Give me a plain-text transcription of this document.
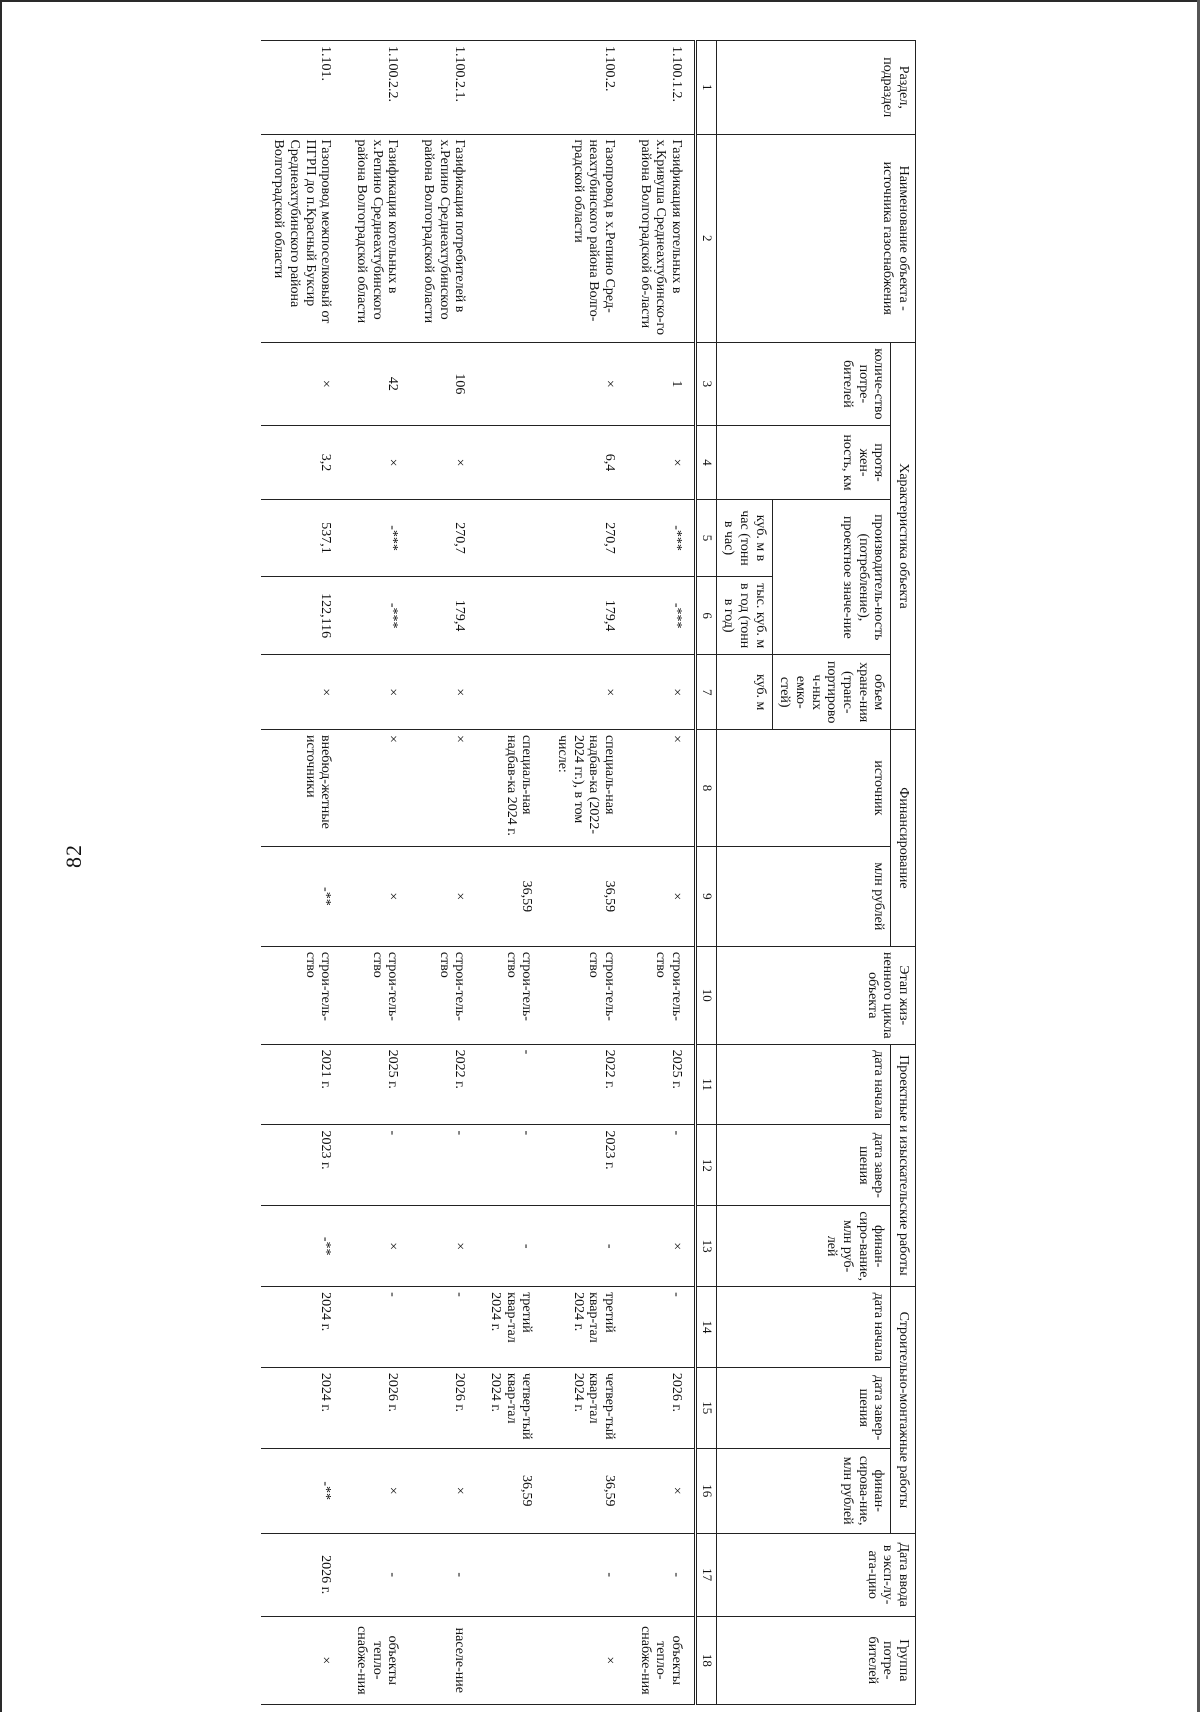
82
Раздел, подраздел	Наименование объекта - источника газоснабжения	Характеристика объекта					Финансирование		Этап жиз-ненного цикла объекта	Проектные и изыскательские работы			Строительно-монтажные работы			Дата ввода в эксп-лу-ата-цию	Группа потре-бителей
		количе-ство потре-бителей	протя-жен-ность, км	производитель-ность (потребление), проектное значе-ние		объем хране-ния (транс-портировоч-ных емко-стей)	источник	млн рублей		дата начала	дата завер-шения	финан-сиро-вание, млн руб-лей	дата начала	дата завер-шения	финан-сирова-ние, млн рублей		
				куб. м в час (тонн в час)	тыс. куб. м в год (тонн в год)	куб. м											
1	2	3	4	5	6	7	8	9	10	11	12	13	14	15	16	17	18
1.100.1.2.	Газификация котельных в х.Кривуша Среднеахтубинско-го района Волгоградской об-ласти	1	×	-***	-***	×	×	×	строи-тель-ство	2025 г.	-	×	-	2026 г.	×	-	объекты тепло-снабже-ния
1.100.2.	Газопровод в х.Репино Сред-неахтубинского района Волго-градской области	×	6,4	270,7	179,4	×	специаль-ная надбав-ка (2022-2024 гг.), в том числе:	36,59	строи-тель-ство	2022 г.	2023 г.	-	третий квар-тал 2024 г.	четвер-тый квар-тал 2024 г.	36,59	-	×
							специаль-ная надбав-ка 2024 г.	36,59	строи-тель-ство	-	-	-	третий квар-тал 2024 г.	четвер-тый квар-тал 2024 г.	36,59		
1.100.2.1.	Газификация потребителей в х.Репино Среднеахтубинского района Волгоградской области	106	×	270,7	179,4	×	×	×	строи-тель-ство	2022 г.	-	×	-	2026 г.	×	-	населе-ние
1.100.2.2.	Газификация котельных в х.Репино Среднеахтубинского района Волгоградской области	42	×	-***	-***	×	×	×	строи-тель-ство	2025 г.	-	×	-	2026 г.	×	-	объекты тепло-снабже-ния
1.101.	Газопровод межпоселковый от ПГРП до п.Красный Буксир Среднеахтубинского района Волгоградской области	×	3,2	537,1	122,116	×	внебюд-жетные источники	-**	строи-тель-ство	2021 г.	2023 г.	-**	2024 г.	2024 г.	-**	2026 г.	×
